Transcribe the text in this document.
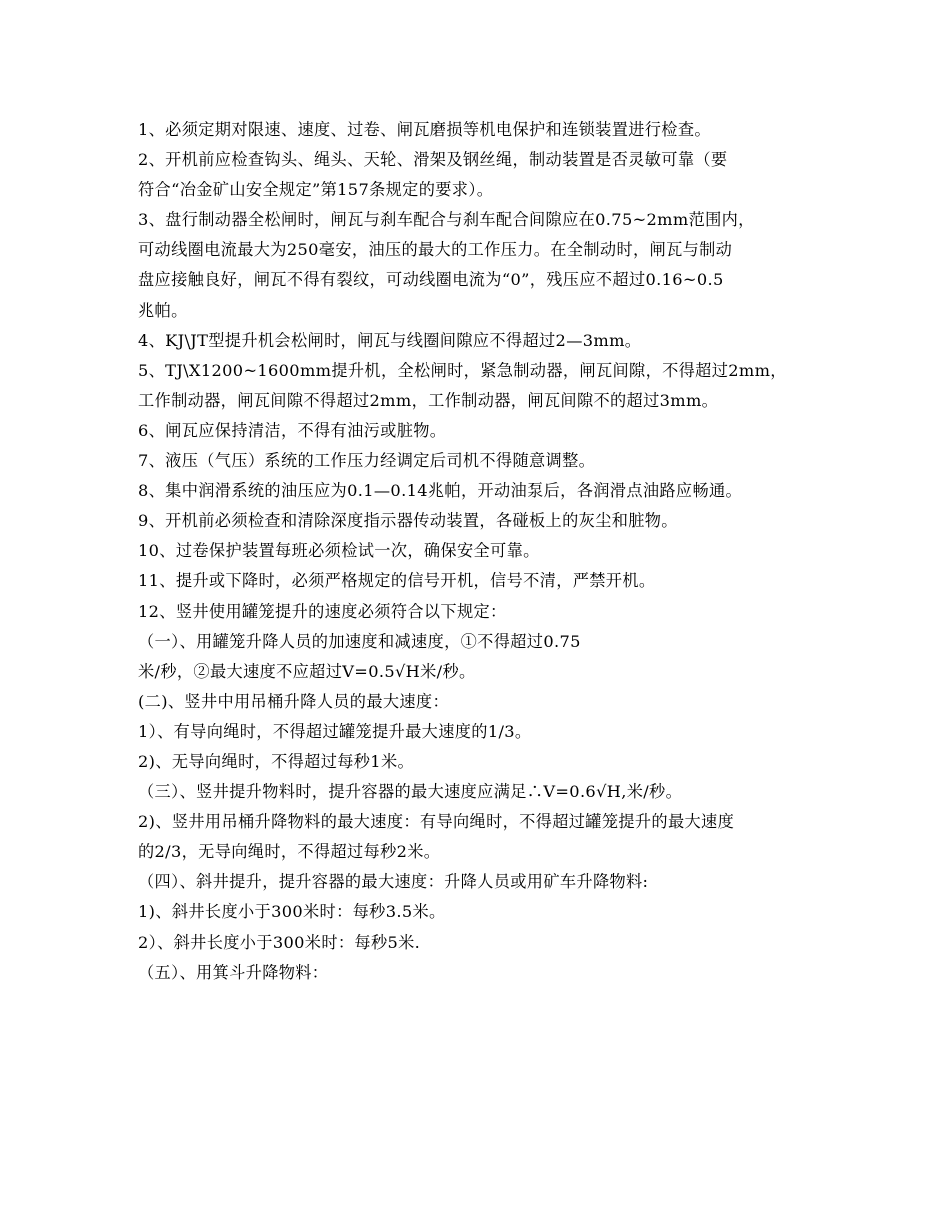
1、必须定期对限速、速度、过卷、闸瓦磨损等机电保护和连锁装置进行检查。
2、开机前应检查钩头、绳头、天轮、滑架及钢丝绳，制动装置是否灵敏可靠（要
符合“冶金矿山安全规定”第157条规定的要求）。
3、盘行制动器全松闸时，闸瓦与刹车配合与刹车配合间隙应在0.75~2mm范围内，
可动线圈电流最大为250毫安，油压的最大的工作压力。在全制动时，闸瓦与制动
盘应接触良好，闸瓦不得有裂纹，可动线圈电流为“0”，残压应不超过0.16~0.5
兆帕。
4、KJ\JT型提升机会松闸时，闸瓦与线圈间隙应不得超过2—3mm。
5、TJ\X1200~1600mm提升机，全松闸时，紧急制动器，闸瓦间隙，不得超过2mm，
工作制动器，闸瓦间隙不得超过2mm，工作制动器，闸瓦间隙不的超过3mm。
6、闸瓦应保持清洁，不得有油污或脏物。
7、液压（气压）系统的工作压力经调定后司机不得随意调整。
8、集中润滑系统的油压应为0.1—0.14兆帕，开动油泵后，各润滑点油路应畅通。
9、开机前必须检查和清除深度指示器传动装置，各碰板上的灰尘和脏物。
10、过卷保护装置每班必须检试一次，确保安全可靠。
11、提升或下降时，必须严格规定的信号开机，信号不清，严禁开机。
12、竖井使用罐笼提升的速度必须符合以下规定：
（一）、用罐笼升降人员的加速度和减速度，①不得超过0.75
米/秒，②最大速度不应超过V=0.5√H米/秒。
(二)、竖井中用吊桶升降人员的最大速度：
1）、有导向绳时，不得超过罐笼提升最大速度的1/3。
2)、无导向绳时，不得超过每秒1米。
（三）、竖井提升物料时，提升容器的最大速度应满足∴V=0.6√H,米/秒。
2)、竖井用吊桶升降物料的最大速度：有导向绳时，不得超过罐笼提升的最大速度
的2/3，无导向绳时，不得超过每秒2米。
（四）、斜井提升，提升容器的最大速度：升降人员或用矿车升降物料:
1)、斜井长度小于300米时：每秒3.5米。
2）、斜井长度小于300米时：每秒5米.
（五）、用箕斗升降物料：
